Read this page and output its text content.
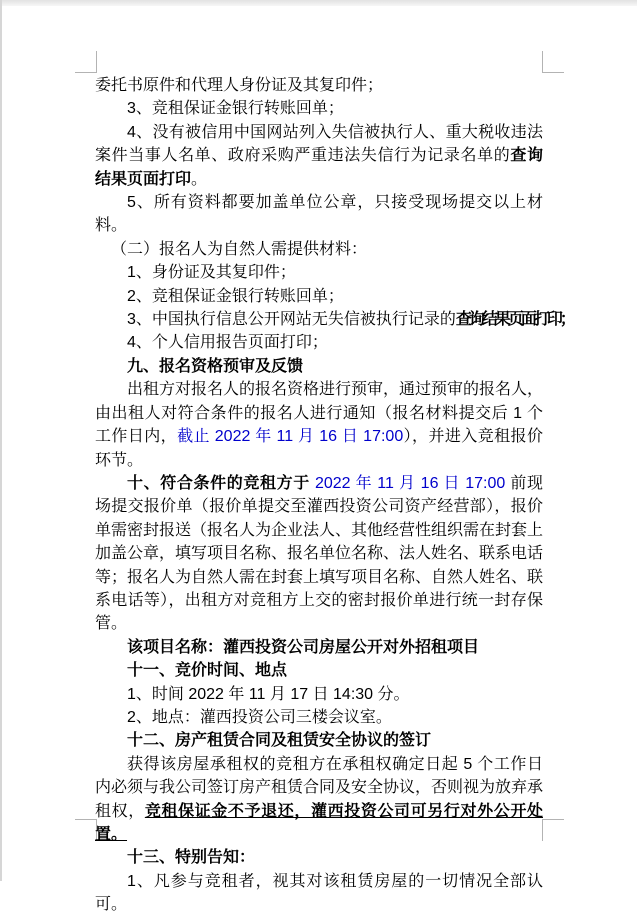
委托书原件和代理人身份证及其复印件；

3、竞租保证金银行转账回单；

4、没有被信用中国网站列入失信被执行人、重大税收违法案件当事人名单、政府采购严重违法失信行为记录名单的查询结果页面打印。

5、所有资料都要加盖单位公章，只接受现场提交以上材料。

（二）报名人为自然人需提供材料：

1、身份证及其复印件；

2、竞租保证金银行转账回单；

3、中国执行信息公开网站无失信被执行记录的查询结果页面打印；

4、个人信用报告页面打印；

九、报名资格预审及反馈

出租方对报名人的报名资格进行预审，通过预审的报名人，由出租人对符合条件的报名人进行通知（报名材料提交后 1 个工作日内，截止 2022 年 11 月 16 日 17:00），并进入竞租报价环节。

十、符合条件的竞租方于 2022 年 11 月 16 日 17:00 前现场提交报价单（报价单提交至灌西投资公司资产经营部），报价单需密封报送（报名人为企业法人、其他经营性组织需在封套上加盖公章，填写项目名称、报名单位名称、法人姓名、联系电话等；报名人为自然人需在封套上填写项目名称、自然人姓名、联系电话等），出租方对竞租方上交的密封报价单进行统一封存保管。

该项目名称：灌西投资公司房屋公开对外招租项目

十一、竞价时间、地点

1、时间 2022 年 11 月 17 日 14:30 分。

2、地点：灌西投资公司三楼会议室。

十二、房产租赁合同及租赁安全协议的签订

获得该房屋承租权的竞租方在承租权确定日起 5 个工作日内必须与我公司签订房产租赁合同及安全协议，否则视为放弃承租权，竞租保证金不予退还，灌西投资公司可另行对外公开处置。

十三、特别告知：

1、凡参与竞租者，视其对该租赁房屋的一切情况全部认可。
